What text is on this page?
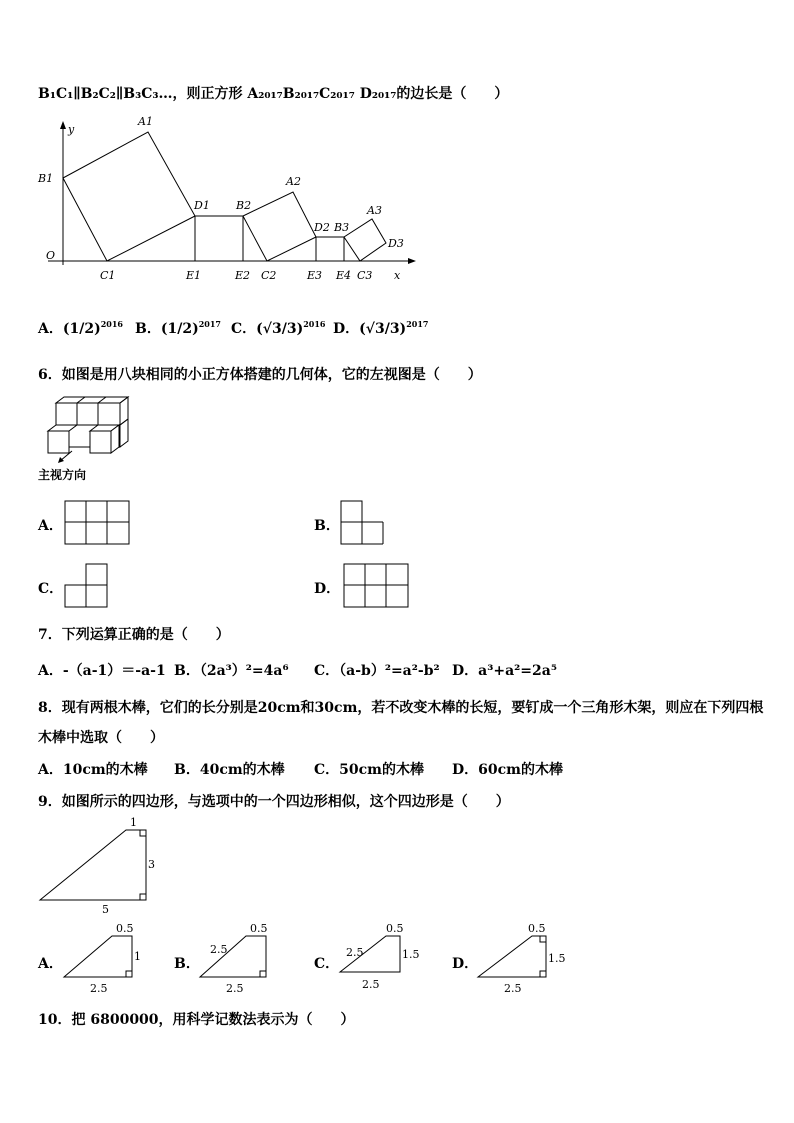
B₁C₁∥B₂C₂∥B₃C₃…，则正方形 A₂₀₁₇B₂₀₁₇C₂₀₁₇ D₂₀₁₇的边长是（　　）
y
A1
B1
O
C1
D1
E1
B2
A2
E2 C2
D2 B3
A3
E3 E4 C3
D3
x
A．$(1/2)^{2016}$ B．$(1/2)^{2017}$ C．$(√3/3)^{2016}$ D．$(√3/3)^{2017}$
6．如图是用八块相同的小正方体搭建的几何体，它的左视图是（　　）
主视方向
A．	B．
C．	D．
7．下列运算正确的是（　　）
A．-（a-1）＝-a-1 B．（2a³）²=4a⁶ C．（a-b）²=a²-b² D．a³+a²=2a⁵
8．现有两根木棒，它们的长分别是20cm和30cm，若不改变木棒的长短，要钉成一个三角形木架，则应在下列四根
木棒中选取（　　）
A．10cm的木棒 B．40cm的木棒 C．50cm的木棒 D．60cm的木棒
9．如图所示的四边形，与选项中的一个四边形相似，这个四边形是（　　）
1
3
5
A．
0.5
1
2.5
B．
0.5
2.5
2.5
C．
0.5
2.5	1.5
2.5
D．
0.5
1.5
2.5
10．把 6800000，用科学记数法表示为（　　）
